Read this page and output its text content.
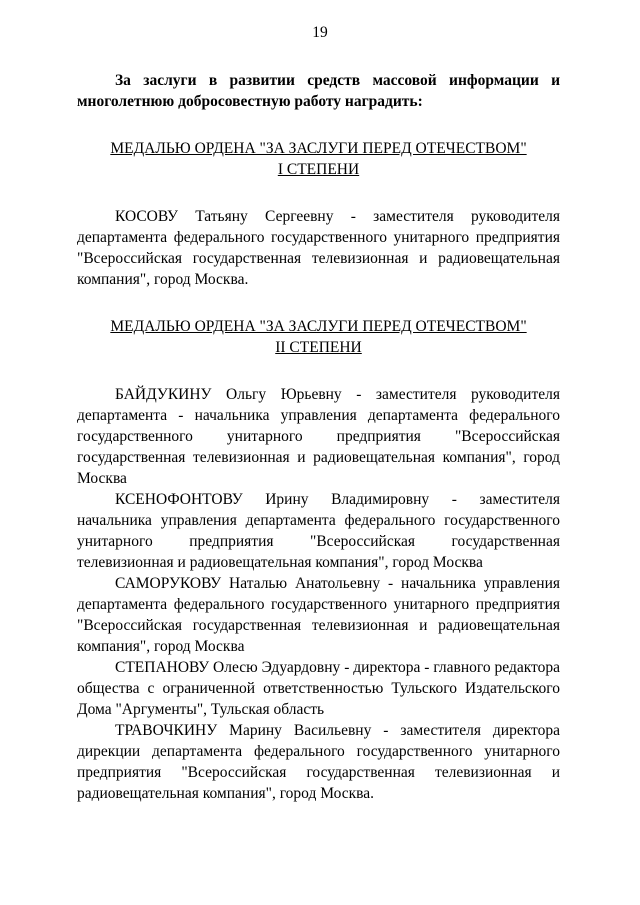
19

За заслуги в развитии средств массовой информации и многолетнюю добросовестную работу наградить:

МЕДАЛЬЮ ОРДЕНА "ЗА ЗАСЛУГИ ПЕРЕД ОТЕЧЕСТВОМ"
I СТЕПЕНИ

КОСОВУ Татьяну Сергеевну - заместителя руководителя департамента федерального государственного унитарного предприятия "Всероссийская государственная телевизионная и радиовещательная компания", город Москва.

МЕДАЛЬЮ ОРДЕНА "ЗА ЗАСЛУГИ ПЕРЕД ОТЕЧЕСТВОМ"
II СТЕПЕНИ

БАЙДУКИНУ Ольгу Юрьевну - заместителя руководителя департамента - начальника управления департамента федерального государственного унитарного предприятия "Всероссийская государственная телевизионная и радиовещательная компания", город Москва

КСЕНОФОНТОВУ Ирину Владимировну - заместителя начальника управления департамента федерального государственного унитарного предприятия "Всероссийская государственная телевизионная и радиовещательная компания", город Москва

САМОРУКОВУ Наталью Анатольевну - начальника управления департамента федерального государственного унитарного предприятия "Всероссийская государственная телевизионная и радиовещательная компания", город Москва

СТЕПАНОВУ Олесю Эдуардовну - директора - главного редактора общества с ограниченной ответственностью Тульского Издательского Дома "Аргументы", Тульская область

ТРАВОЧКИНУ Марину Васильевну - заместителя директора дирекции департамента федерального государственного унитарного предприятия "Всероссийская государственная телевизионная и радиовещательная компания", город Москва.
